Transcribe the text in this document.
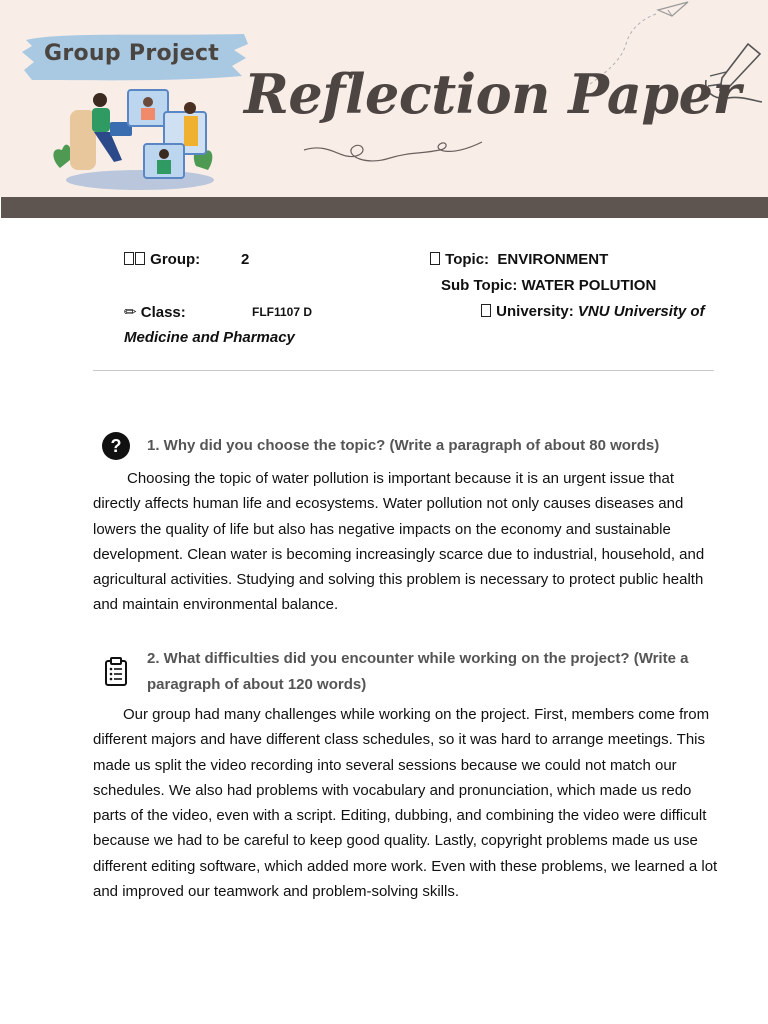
Group Project
Reflection Paper
Group:	2	Topic: ENVIRONMENT
Sub Topic: WATER POLUTION
✏ Class:	FLF1107 D	University: VNU University of
Medicine and Pharmacy
?	1. Why did you choose the topic? (Write a paragraph of about 80 words)
Choosing the topic of water pollution is important because it is an urgent issue that directly affects human life and ecosystems. Water pollution not only causes diseases and lowers the quality of life but also has negative impacts on the economy and sustainable development. Clean water is becoming increasingly scarce due to industrial, household, and agricultural activities. Studying and solving this problem is necessary to protect public health and maintain environmental balance.
2. What difficulties did you encounter while working on the project? (Write a paragraph of about 120 words)
Our group had many challenges while working on the project. First, members come from different majors and have different class schedules, so it was hard to arrange meetings. This made us split the video recording into several sessions because we could not match our schedules. We also had problems with vocabulary and pronunciation, which made us redo parts of the video, even with a script. Editing, dubbing, and combining the video were difficult because we had to be careful to keep good quality. Lastly, copyright problems made us use different editing software, which added more work. Even with these problems, we learned a lot and improved our teamwork and problem-solving skills.
